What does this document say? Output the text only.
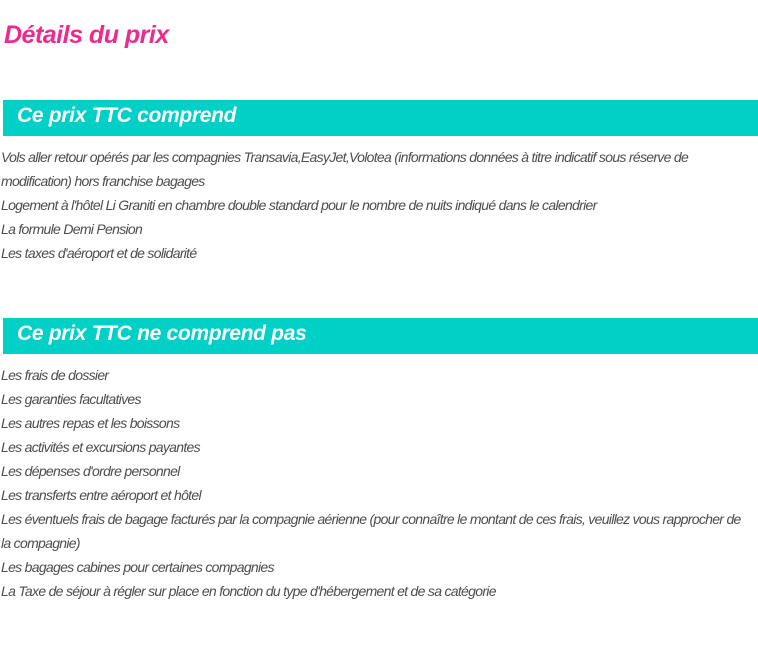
Détails du prix
Ce prix TTC comprend

Vols aller retour opérés par les compagnies Transavia,EasyJet,Volotea (informations données à titre indicatif sous réserve de modification) hors franchise bagages

Logement à l'hôtel Li Graniti en chambre double standard pour le nombre de nuits indiqué dans le calendrier

La formule Demi Pension

Les taxes d'aéroport et de solidarité

Ce prix TTC ne comprend pas

Les frais de dossier

Les garanties facultatives

Les autres repas et les boissons

Les activités et excursions payantes

Les dépenses d'ordre personnel

Les transferts entre aéroport et hôtel

Les éventuels frais de bagage facturés par la compagnie aérienne (pour connaître le montant de ces frais, veuillez vous rapprocher de la compagnie)

Les bagages cabines pour certaines compagnies

La Taxe de séjour à régler sur place en fonction du type d'hébergement et de sa catégorie
